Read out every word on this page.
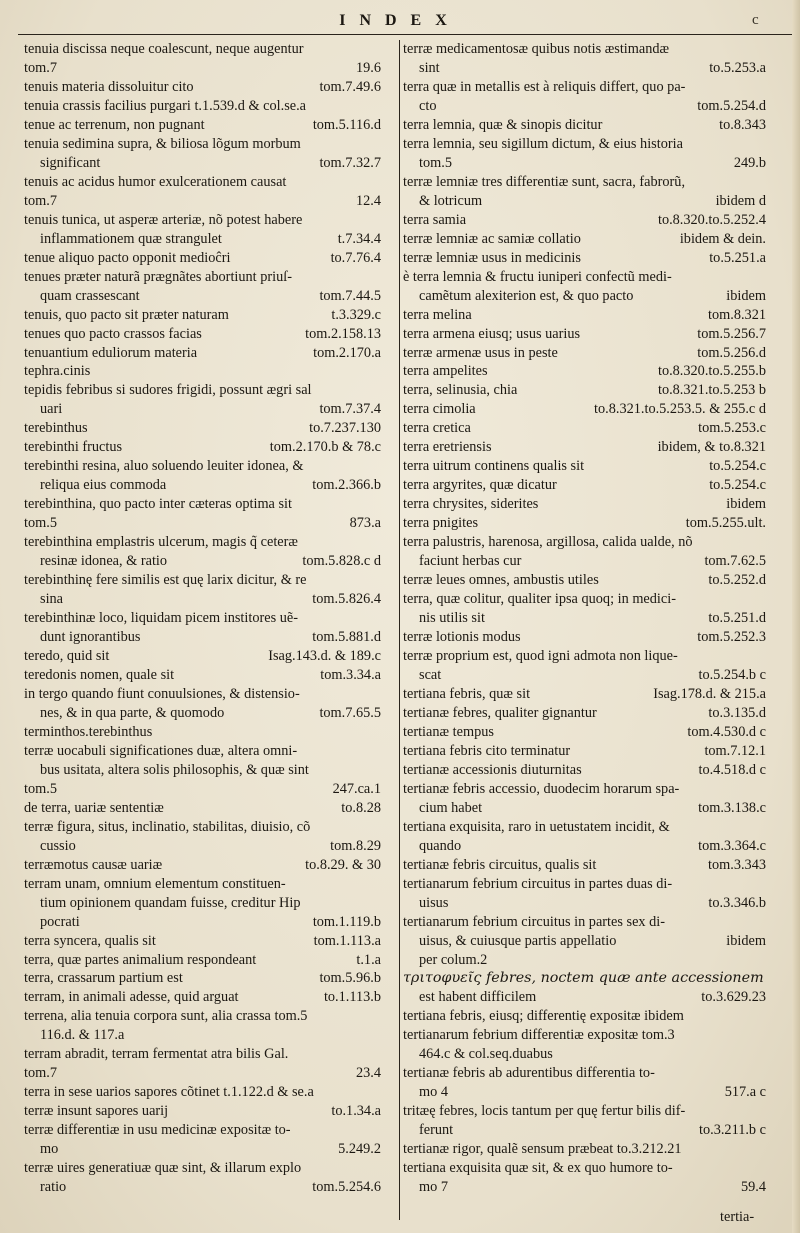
INDEX	c
tenuia discissa neque coalescunt, neque augentur
tom.7	19.6
tenuis materia dissoluitur cito	tom.7.49.6
tenuia crassis facilius purgari t.1.539.d & col.se.a
tenue ac terrenum, non pugnant	tom.5.116.d
tenuia sedimina supra, & biliosa lõgum morbum
significant	tom.7.32.7
tenuis ac acidus humor exulcerationem causat
tom.7	12.4
tenuis tunica, ut asperæ arteriæ, nõ potest habere
inflammationem quæ strangulet	t.7.34.4
tenue aliquo pacto opponit medioĉri	to.7.76.4
tenues præter naturã prægnãtes abortiunt priuſ-
quam crassescant	tom.7.44.5
tenuis, quo pacto sit præter naturam	t.3.329.c
tenues quo pacto crassos facias	tom.2.158.13
tenuantium eduliorum materia	tom.2.170.a
tephra.cinis
tepidis febribus si sudores frigidi, possunt ægri sal
uari	tom.7.37.4
terebinthus	to.7.237.130
terebinthi fructus	tom.2.170.b & 78.c
terebinthi resina, aluo soluendo leuiter idonea, &
reliqua eius commoda	tom.2.366.b
terebinthina, quo pacto inter cæteras optima sit
tom.5	873.a
terebinthina emplastris ulcerum, magis q̃ ceteræ
resinæ idonea, & ratio	tom.5.828.c d
terebinthinę fere similis est quę larix dicitur, & re
sina	tom.5.826.4
terebinthinæ loco, liquidam picem institores uẽ-
dunt ignorantibus	tom.5.881.d
teredo, quid sit	Isag.143.d. & 189.c
teredonis nomen, quale sit	tom.3.34.a
in tergo quando fiunt conuulsiones, & distensio-
nes, & in qua parte, & quomodo	tom.7.65.5
terminthos.terebinthus
terræ uocabuli significationes duæ, altera omni-
bus usitata, altera solis philosophis, & quæ sint
tom.5	247.ca.1
de terra, uariæ sententiæ	to.8.28
terræ figura, situs, inclinatio, stabilitas, diuisio, cõ
cussio	tom.8.29
terræmotus causæ uariæ	to.8.29. & 30
terram unam, omnium elementum constituen-
tium opinionem quandam fuisse, creditur Hip
pocrati	tom.1.119.b
terra syncera, qualis sit	tom.1.113.a
terra, quæ partes animalium respondeant	t.1.a
terra, crassarum partium est	tom.5.96.b
terram, in animali adesse, quid arguat	to.1.113.b
terrena, alia tenuia corpora sunt, alia crassa tom.5
116.d. & 117.a
terram abradit, terram fermentat atra bilis Gal.
tom.7	23.4
terra in sese uarios sapores cõtinet t.1.122.d & se.a
terræ insunt sapores uarij	to.1.34.a
terræ differentiæ in usu medicinæ expositæ to-
mo	5.249.2
terræ uires generatiuæ quæ sint, & illarum explo
ratio	tom.5.254.6
terræ medicamentosæ quibus notis æstimandæ
sint	to.5.253.a
terra quæ in metallis est à reliquis differt, quo pa-
cto	tom.5.254.d
terra lemnia, quæ & sinopis dicitur	to.8.343
terra lemnia, seu sigillum dictum, & eius historia
tom.5	249.b
terræ lemniæ tres differentiæ sunt, sacra, fabrorũ,
& lotricum	ibidem d
terra samia	to.8.320.to.5.252.4
terræ lemniæ ac samiæ collatio	ibidem & dein.
terræ lemniæ usus in medicinis	to.5.251.a
è terra lemnia & fructu iuniperi confectũ medi-
camẽtum alexiterion est, & quo pacto	ibidem
terra melina	tom.8.321
terra armena eiusq; usus uarius	tom.5.256.7
terræ armenæ usus in peste	tom.5.256.d
terra ampelites	to.8.320.to.5.255.b
terra, selinusia, chia	to.8.321.to.5.253 b
terra cimolia	to.8.321.to.5.253.5. & 255.c d
terra cretica	tom.5.253.c
terra eretriensis	ibidem, & to.8.321
terra uitrum continens qualis sit	to.5.254.c
terra argyrites, quæ dicatur	to.5.254.c
terra chrysites, siderites	ibidem
terra pnigites	tom.5.255.ult.
terra palustris, harenosa, argillosa, calida ualde, nõ
faciunt herbas cur	tom.7.62.5
terræ leues omnes, ambustis utiles	to.5.252.d
terra, quæ colitur, qualiter ipsa quoq; in medici-
nis utilis sit	to.5.251.d
terræ lotionis modus	tom.5.252.3
terræ proprium est, quod igni admota non lique-
scat	to.5.254.b c
tertiana febris, quæ sit	Isag.178.d. & 215.a
tertianæ febres, qualiter gignantur	to.3.135.d
tertianæ tempus	tom.4.530.d c
tertiana febris cito terminatur	tom.7.12.1
tertianæ accessionis diuturnitas	to.4.518.d c
tertianæ febris accessio, duodecim horarum spa-
cium habet	tom.3.138.c
tertiana exquisita, raro in uetustatem incidit, &
quando	tom.3.364.c
tertianæ febris circuitus, qualis sit	tom.3.343
tertianarum febrium circuitus in partes duas di-
uisus	to.3.346.b
tertianarum febrium circuitus in partes sex di-
uisus, & cuiusque partis appellatio	ibidem
per colum.2
τριτοφυεῖς febres, noctem quæ ante accessionem
est habent difficilem	to.3.629.23
tertiana febris, eiusq; differentię expositæ ibidem
tertianarum febrium differentiæ expositæ tom.3
464.c & col.seq.duabus
tertianæ febris ab adurentibus differentia to-
mo 4	517.a c
tritæę febres, locis tantum per quę fertur bilis dif-
ferunt	to.3.211.b c
tertianæ rigor, qualẽ sensum præbeat to.3.212.21
tertiana exquisita quæ sit, & ex quo humore to-
mo 7	59.4
tertia-
